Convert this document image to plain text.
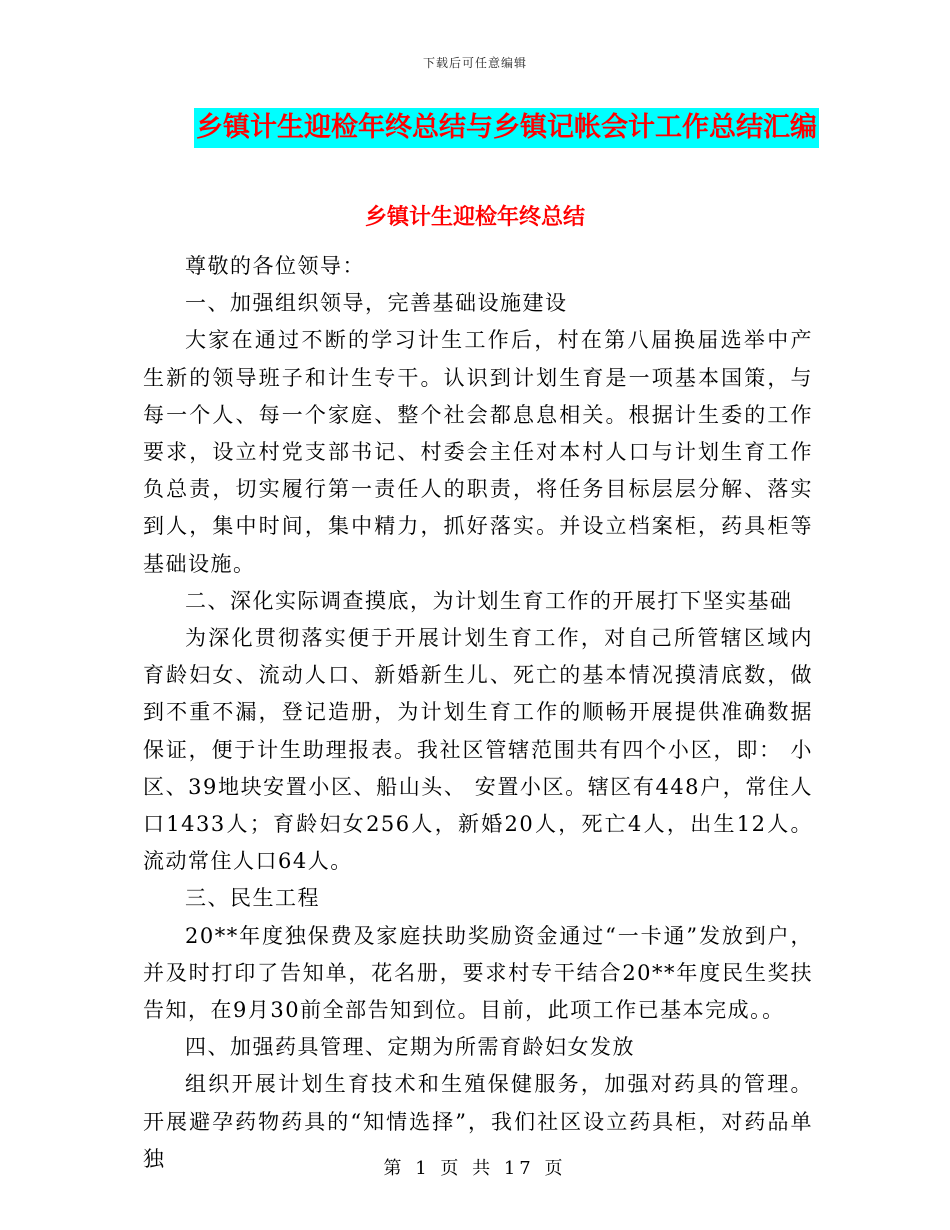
下载后可任意编辑
乡镇计生迎检年终总结与乡镇记帐会计工作总结汇编
乡镇计生迎检年终总结

尊敬的各位领导：

一、加强组织领导，完善基础设施建设

大家在通过不断的学习计生工作后，村在第八届换届选举中产生新的领导班子和计生专干。认识到计划生育是一项基本国策，与每一个人、每一个家庭、整个社会都息息相关。根据计生委的工作要求，设立村党支部书记、村委会主任对本村人口与计划生育工作负总责，切实履行第一责任人的职责，将任务目标层层分解、落实到人，集中时间，集中精力，抓好落实。并设立档案柜，药具柜等基础设施。

二、深化实际调查摸底，为计划生育工作的开展打下坚实基础

为深化贯彻落实便于开展计划生育工作，对自己所管辖区域内育龄妇女、流动人口、新婚新生儿、死亡的基本情况摸清底数，做到不重不漏，登记造册，为计划生育工作的顺畅开展提供准确数据保证，便于计生助理报表。我社区管辖范围共有四个小区，即： 小区、39地块安置小区、船山头、 安置小区。辖区有448户，常住人口1433人；育龄妇女256人，新婚20人，死亡4人，出生12人。流动常住人口64人。

三、民生工程

20**年度独保费及家庭扶助奖励资金通过“一卡通”发放到户，并及时打印了告知单，花名册，要求村专干结合20**年度民生奖扶告知，在9月30前全部告知到位。目前，此项工作已基本完成。。

四、加强药具管理、定期为所需育龄妇女发放

组织开展计划生育技术和生殖保健服务，加强对药具的管理。开展避孕药物药具的“知情选择”，我们社区设立药具柜，对药品单独	第 1 页 共 17 页
